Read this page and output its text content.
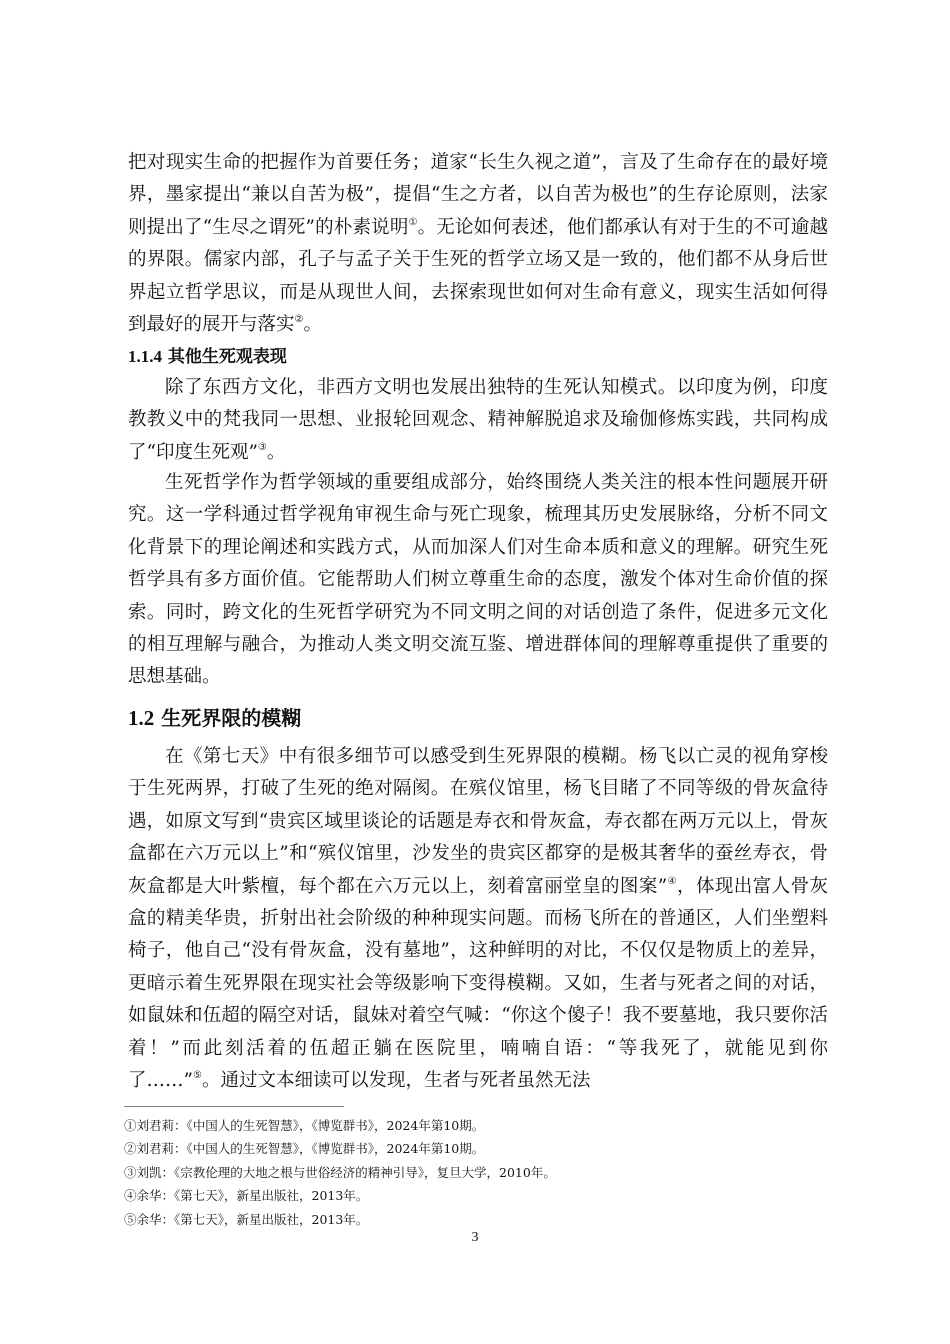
把对现实生命的把握作为首要任务；道家“长生久视之道”，言及了生命存在的最好境界，墨家提出“兼以自苦为极”，提倡“生之方者，以自苦为极也”的生存论原则，法家则提出了“生尽之谓死”的朴素说明①。无论如何表述，他们都承认有对于生的不可逾越的界限。儒家内部，孔子与孟子关于生死的哲学立场又是一致的，他们都不从身后世界起立哲学思议，而是从现世人间，去探索现世如何对生命有意义，现实生活如何得到最好的展开与落实②。

1.1.4 其他生死观表现

除了东西方文化，非西方文明也发展出独特的生死认知模式。以印度为例，印度教教义中的梵我同一思想、业报轮回观念、精神解脱追求及瑜伽修炼实践，共同构成了“印度生死观”③。

生死哲学作为哲学领域的重要组成部分，始终围绕人类关注的根本性问题展开研究。这一学科通过哲学视角审视生命与死亡现象，梳理其历史发展脉络，分析不同文化背景下的理论阐述和实践方式，从而加深人们对生命本质和意义的理解。研究生死哲学具有多方面价值。它能帮助人们树立尊重生命的态度，激发个体对生命价值的探索。同时，跨文化的生死哲学研究为不同文明之间的对话创造了条件，促进多元文化的相互理解与融合，为推动人类文明交流互鉴、增进群体间的理解尊重提供了重要的思想基础。

1.2 生死界限的模糊

在《第七天》中有很多细节可以感受到生死界限的模糊。杨飞以亡灵的视角穿梭于生死两界，打破了生死的绝对隔阂。在殡仪馆里，杨飞目睹了不同等级的骨灰盒待遇，如原文写到“贵宾区域里谈论的话题是寿衣和骨灰盒，寿衣都在两万元以上，骨灰盒都在六万元以上”和“殡仪馆里，沙发坐的贵宾区都穿的是极其奢华的蚕丝寿衣，骨灰盒都是大叶紫檀，每个都在六万元以上，刻着富丽堂皇的图案”④，体现出富人骨灰盒的精美华贵，折射出社会阶级的种种现实问题。而杨飞所在的普通区，人们坐塑料椅子，他自己“没有骨灰盒，没有墓地”，这种鲜明的对比，不仅仅是物质上的差异，更暗示着生死界限在现实社会等级影响下变得模糊。又如，生者与死者之间的对话，如鼠妹和伍超的隔空对话，鼠妹对着空气喊：“你这个傻子！我不要墓地，我只要你活着！”而此刻活着的伍超正躺在医院里，喃喃自语：“等我死了，就能见到你了……”⑤。通过文本细读可以发现，生者与死者虽然无法

①刘君莉：《中国人的生死智慧》，《博览群书》，2024年第10期。
②刘君莉：《中国人的生死智慧》，《博览群书》，2024年第10期。
③刘凯：《宗教伦理的大地之根与世俗经济的精神引导》，复旦大学，2010年。
④余华：《第七天》，新星出版社，2013年。
⑤余华：《第七天》，新星出版社，2013年。
3
